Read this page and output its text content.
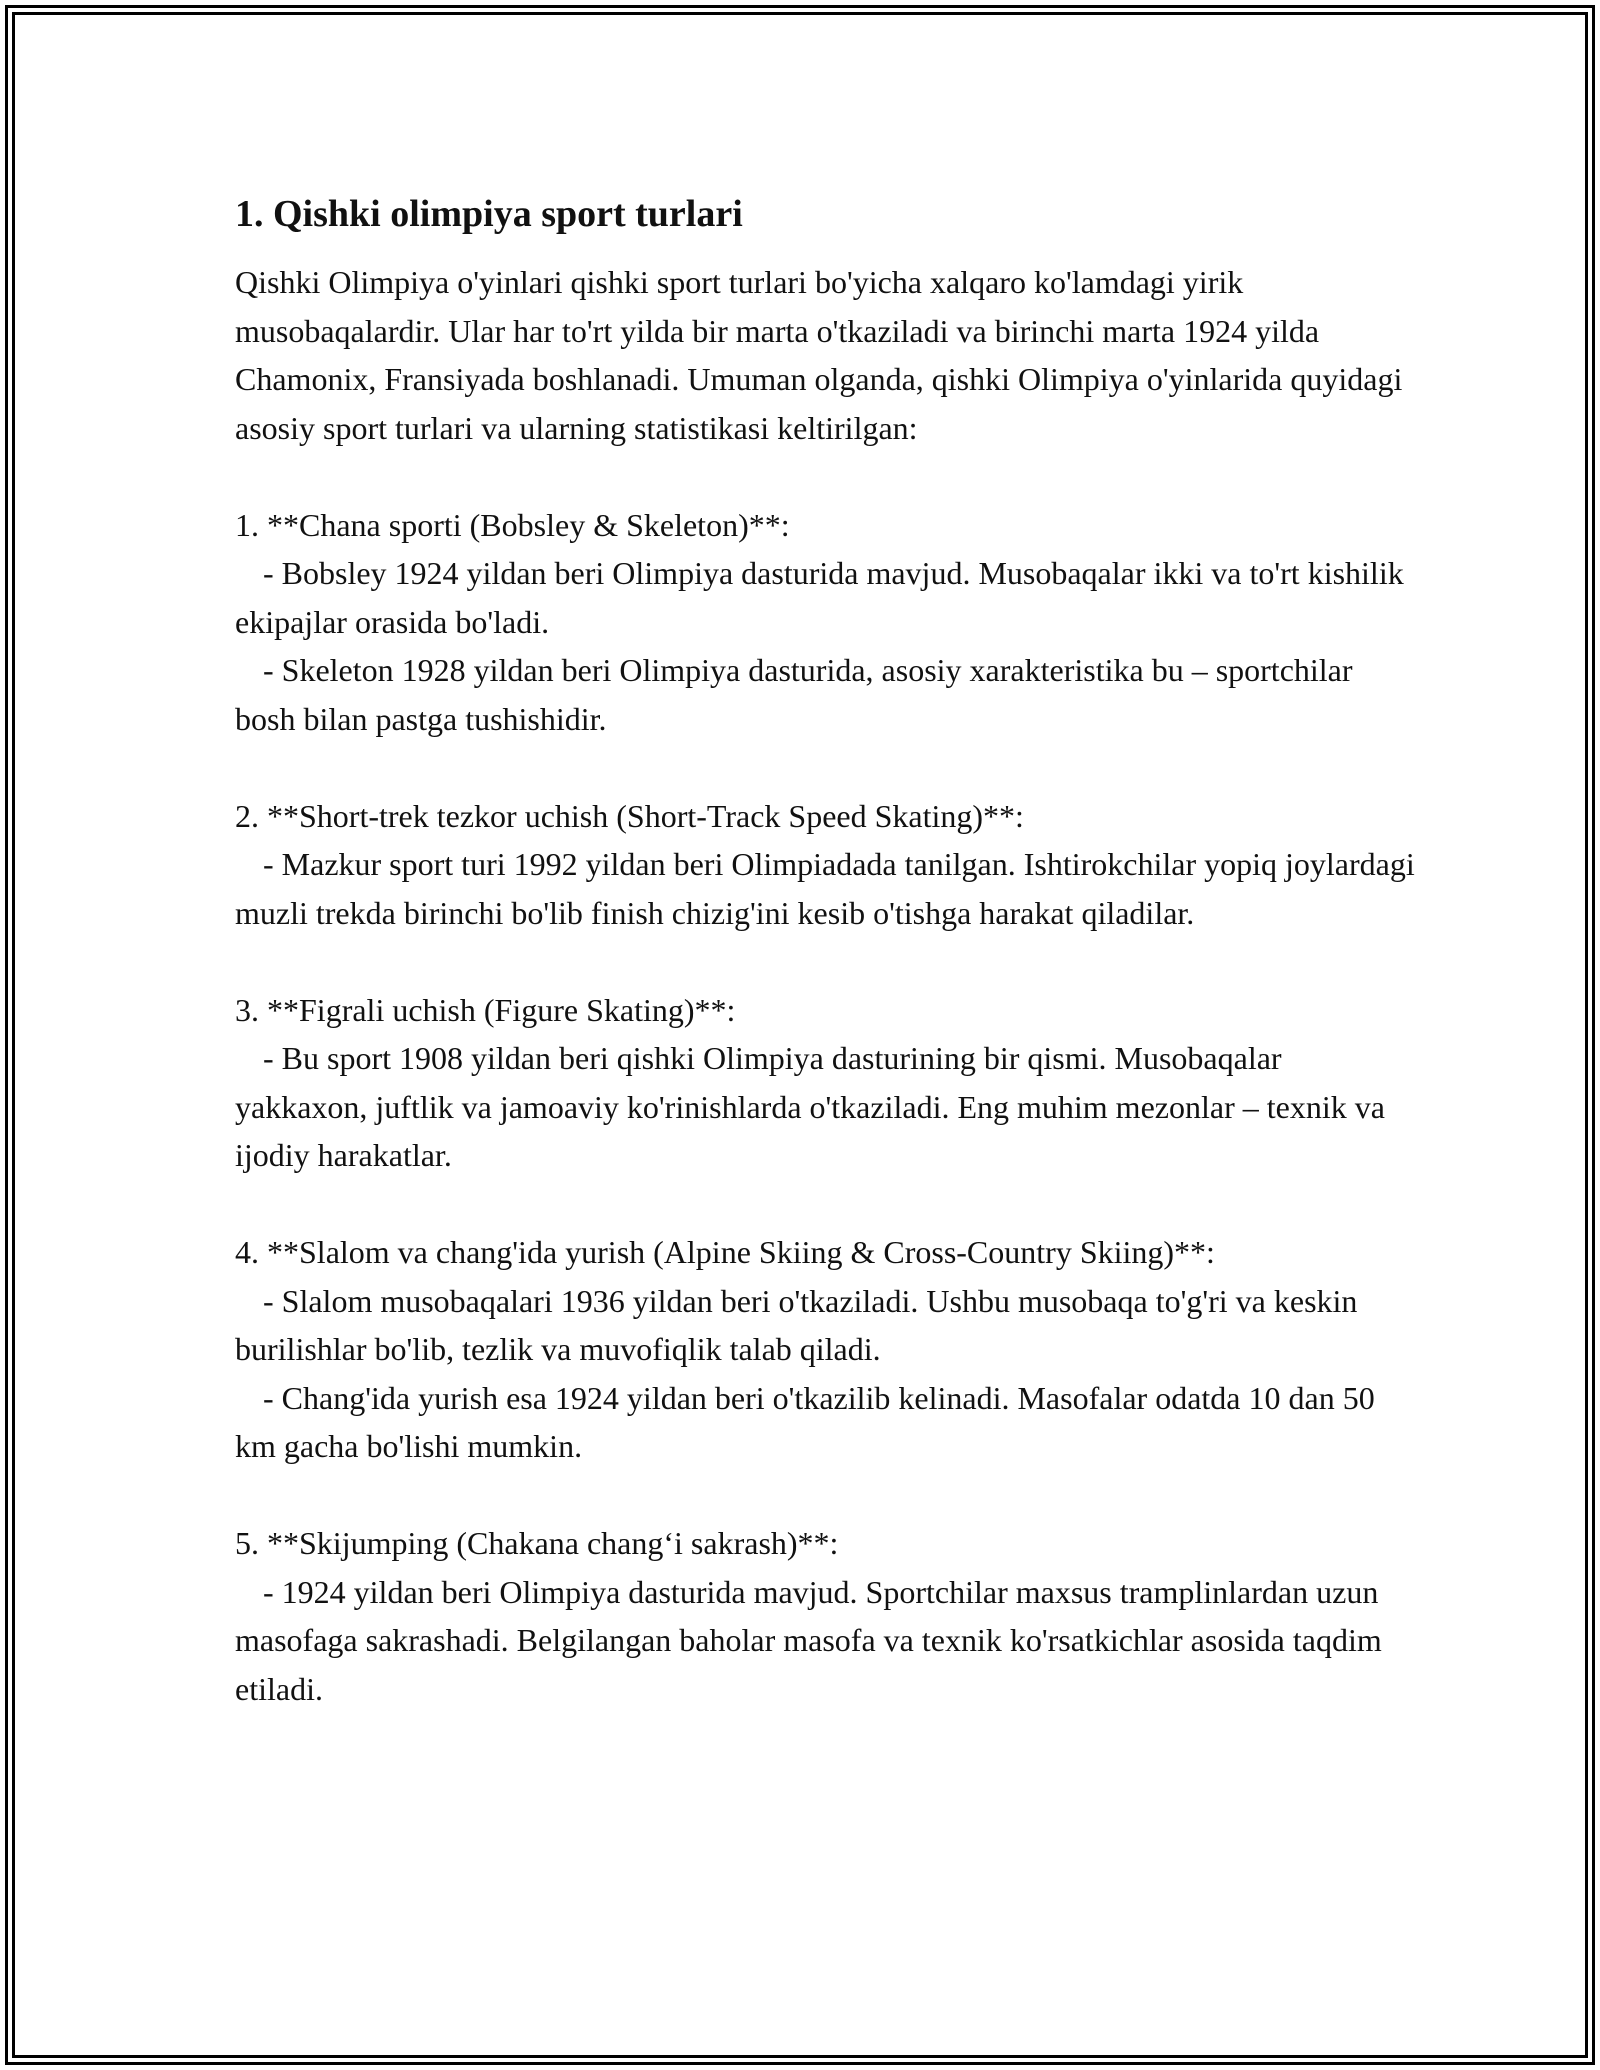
1. Qishki olimpiya sport turlari

Qishki Olimpiya o'yinlari qishki sport turlari bo'yicha xalqaro ko'lamdagi yirik musobaqalardir. Ular har to'rt yilda bir marta o'tkaziladi va birinchi marta 1924 yilda Chamonix, Fransiyada boshlanadi. Umuman olganda, qishki Olimpiya o'yinlarida quyidagi asosiy sport turlari va ularning statistikasi keltirilgan:

1. **Chana sporti (Bobsley & Skeleton)**:

- Bobsley 1924 yildan beri Olimpiya dasturida mavjud. Musobaqalar ikki va to'rt kishilik ekipajlar orasida bo'ladi.

- Skeleton 1928 yildan beri Olimpiya dasturida, asosiy xarakteristika bu – sportchilar bosh bilan pastga tushishidir.

2. **Short-trek tezkor uchish (Short-Track Speed Skating)**:

- Mazkur sport turi 1992 yildan beri Olimpiadada tanilgan. Ishtirokchilar yopiq joylardagi muzli trekda birinchi bo'lib finish chizig'ini kesib o'tishga harakat qiladilar.

3. **Figrali uchish (Figure Skating)**:

- Bu sport 1908 yildan beri qishki Olimpiya dasturining bir qismi. Musobaqalar yakkaxon, juftlik va jamoaviy ko'rinishlarda o'tkaziladi. Eng muhim mezonlar – texnik va ijodiy harakatlar.

4. **Slalom va chang'ida yurish (Alpine Skiing & Cross-Country Skiing)**:

- Slalom musobaqalari 1936 yildan beri o'tkaziladi. Ushbu musobaqa to'g'ri va keskin burilishlar bo'lib, tezlik va muvofiqlik talab qiladi.

- Chang'ida yurish esa 1924 yildan beri o'tkazilib kelinadi. Masofalar odatda 10 dan 50 km gacha bo'lishi mumkin.

5. **Skijumping (Chakana chang‘i sakrash)**:

- 1924 yildan beri Olimpiya dasturida mavjud. Sportchilar maxsus tramplinlardan uzun masofaga sakrashadi. Belgilangan baholar masofa va texnik ko'rsatkichlar asosida taqdim etiladi.
